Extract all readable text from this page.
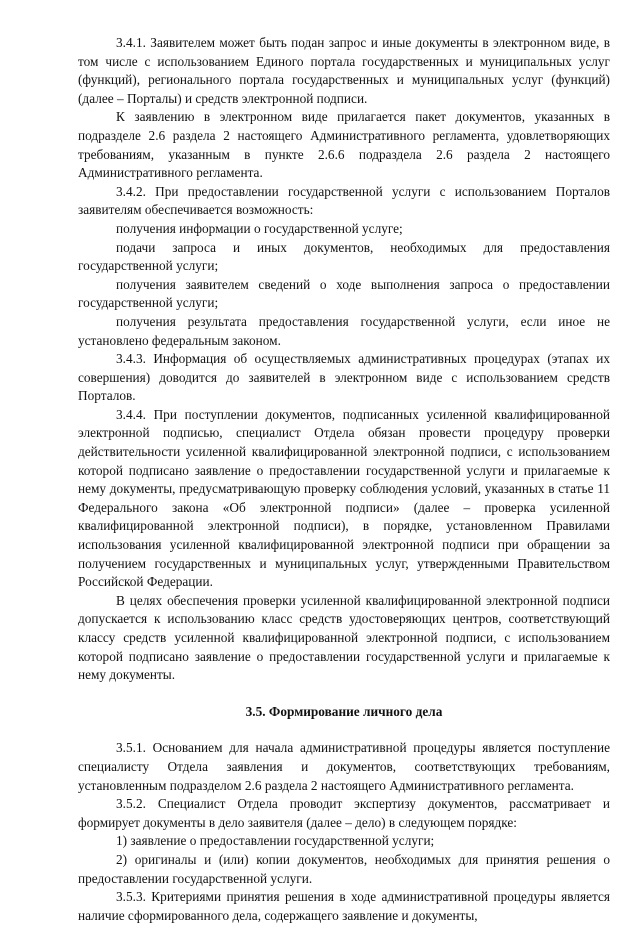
3.4.1. Заявителем может быть подан запрос и иные документы в электронном виде, в том числе с использованием Единого портала государственных и муниципальных услуг (функций), регионального портала государственных и муниципальных услуг (функций) (далее – Порталы) и средств электронной подписи.

К заявлению в электронном виде прилагается пакет документов, указанных в подразделе 2.6 раздела 2 настоящего Административного регламента, удовлетворяющих требованиям, указанным в пункте 2.6.6 подраздела 2.6 раздела 2 настоящего Административного регламента.

3.4.2. При предоставлении государственной услуги с использованием Порталов заявителям обеспечивается возможность:

получения информации о государственной услуге;

подачи запроса и иных документов, необходимых для предоставления государственной услуги;

получения заявителем сведений о ходе выполнения запроса о предоставлении государственной услуги;

получения результата предоставления государственной услуги, если иное не установлено федеральным законом.

3.4.3. Информация об осуществляемых административных процедурах (этапах их совершения) доводится до заявителей в электронном виде с использованием средств Порталов.

3.4.4. При поступлении документов, подписанных усиленной квалифицированной электронной подписью, специалист Отдела обязан провести процедуру проверки действительности усиленной квалифицированной электронной подписи, с использованием которой подписано заявление о предоставлении государственной услуги и прилагаемые к нему документы, предусматривающую проверку соблюдения условий, указанных в статье 11 Федерального закона «Об электронной подписи» (далее – проверка усиленной квалифицированной электронной подписи), в порядке, установленном Правилами использования усиленной квалифицированной электронной подписи при обращении за получением государственных и муниципальных услуг, утвержденными Правительством Российской Федерации.

В целях обеспечения проверки усиленной квалифицированной электронной подписи допускается к использованию класс средств удостоверяющих центров, соответствующий классу средств усиленной квалифицированной электронной подписи, с использованием которой подписано заявление о предоставлении государственной услуги и прилагаемые к нему документы.

3.5. Формирование личного дела

3.5.1. Основанием для начала административной процедуры является поступление специалисту Отдела заявления и документов, соответствующих требованиям, установленным подразделом 2.6 раздела 2 настоящего Административного регламента.

3.5.2. Специалист Отдела проводит экспертизу документов, рассматривает и формирует документы в дело заявителя (далее – дело) в следующем порядке:

1) заявление о предоставлении государственной услуги;

2) оригиналы и (или) копии документов, необходимых для принятия решения о предоставлении государственной услуги.

3.5.3. Критериями принятия решения в ходе административной процедуры является наличие сформированного дела, содержащего заявление и документы,
